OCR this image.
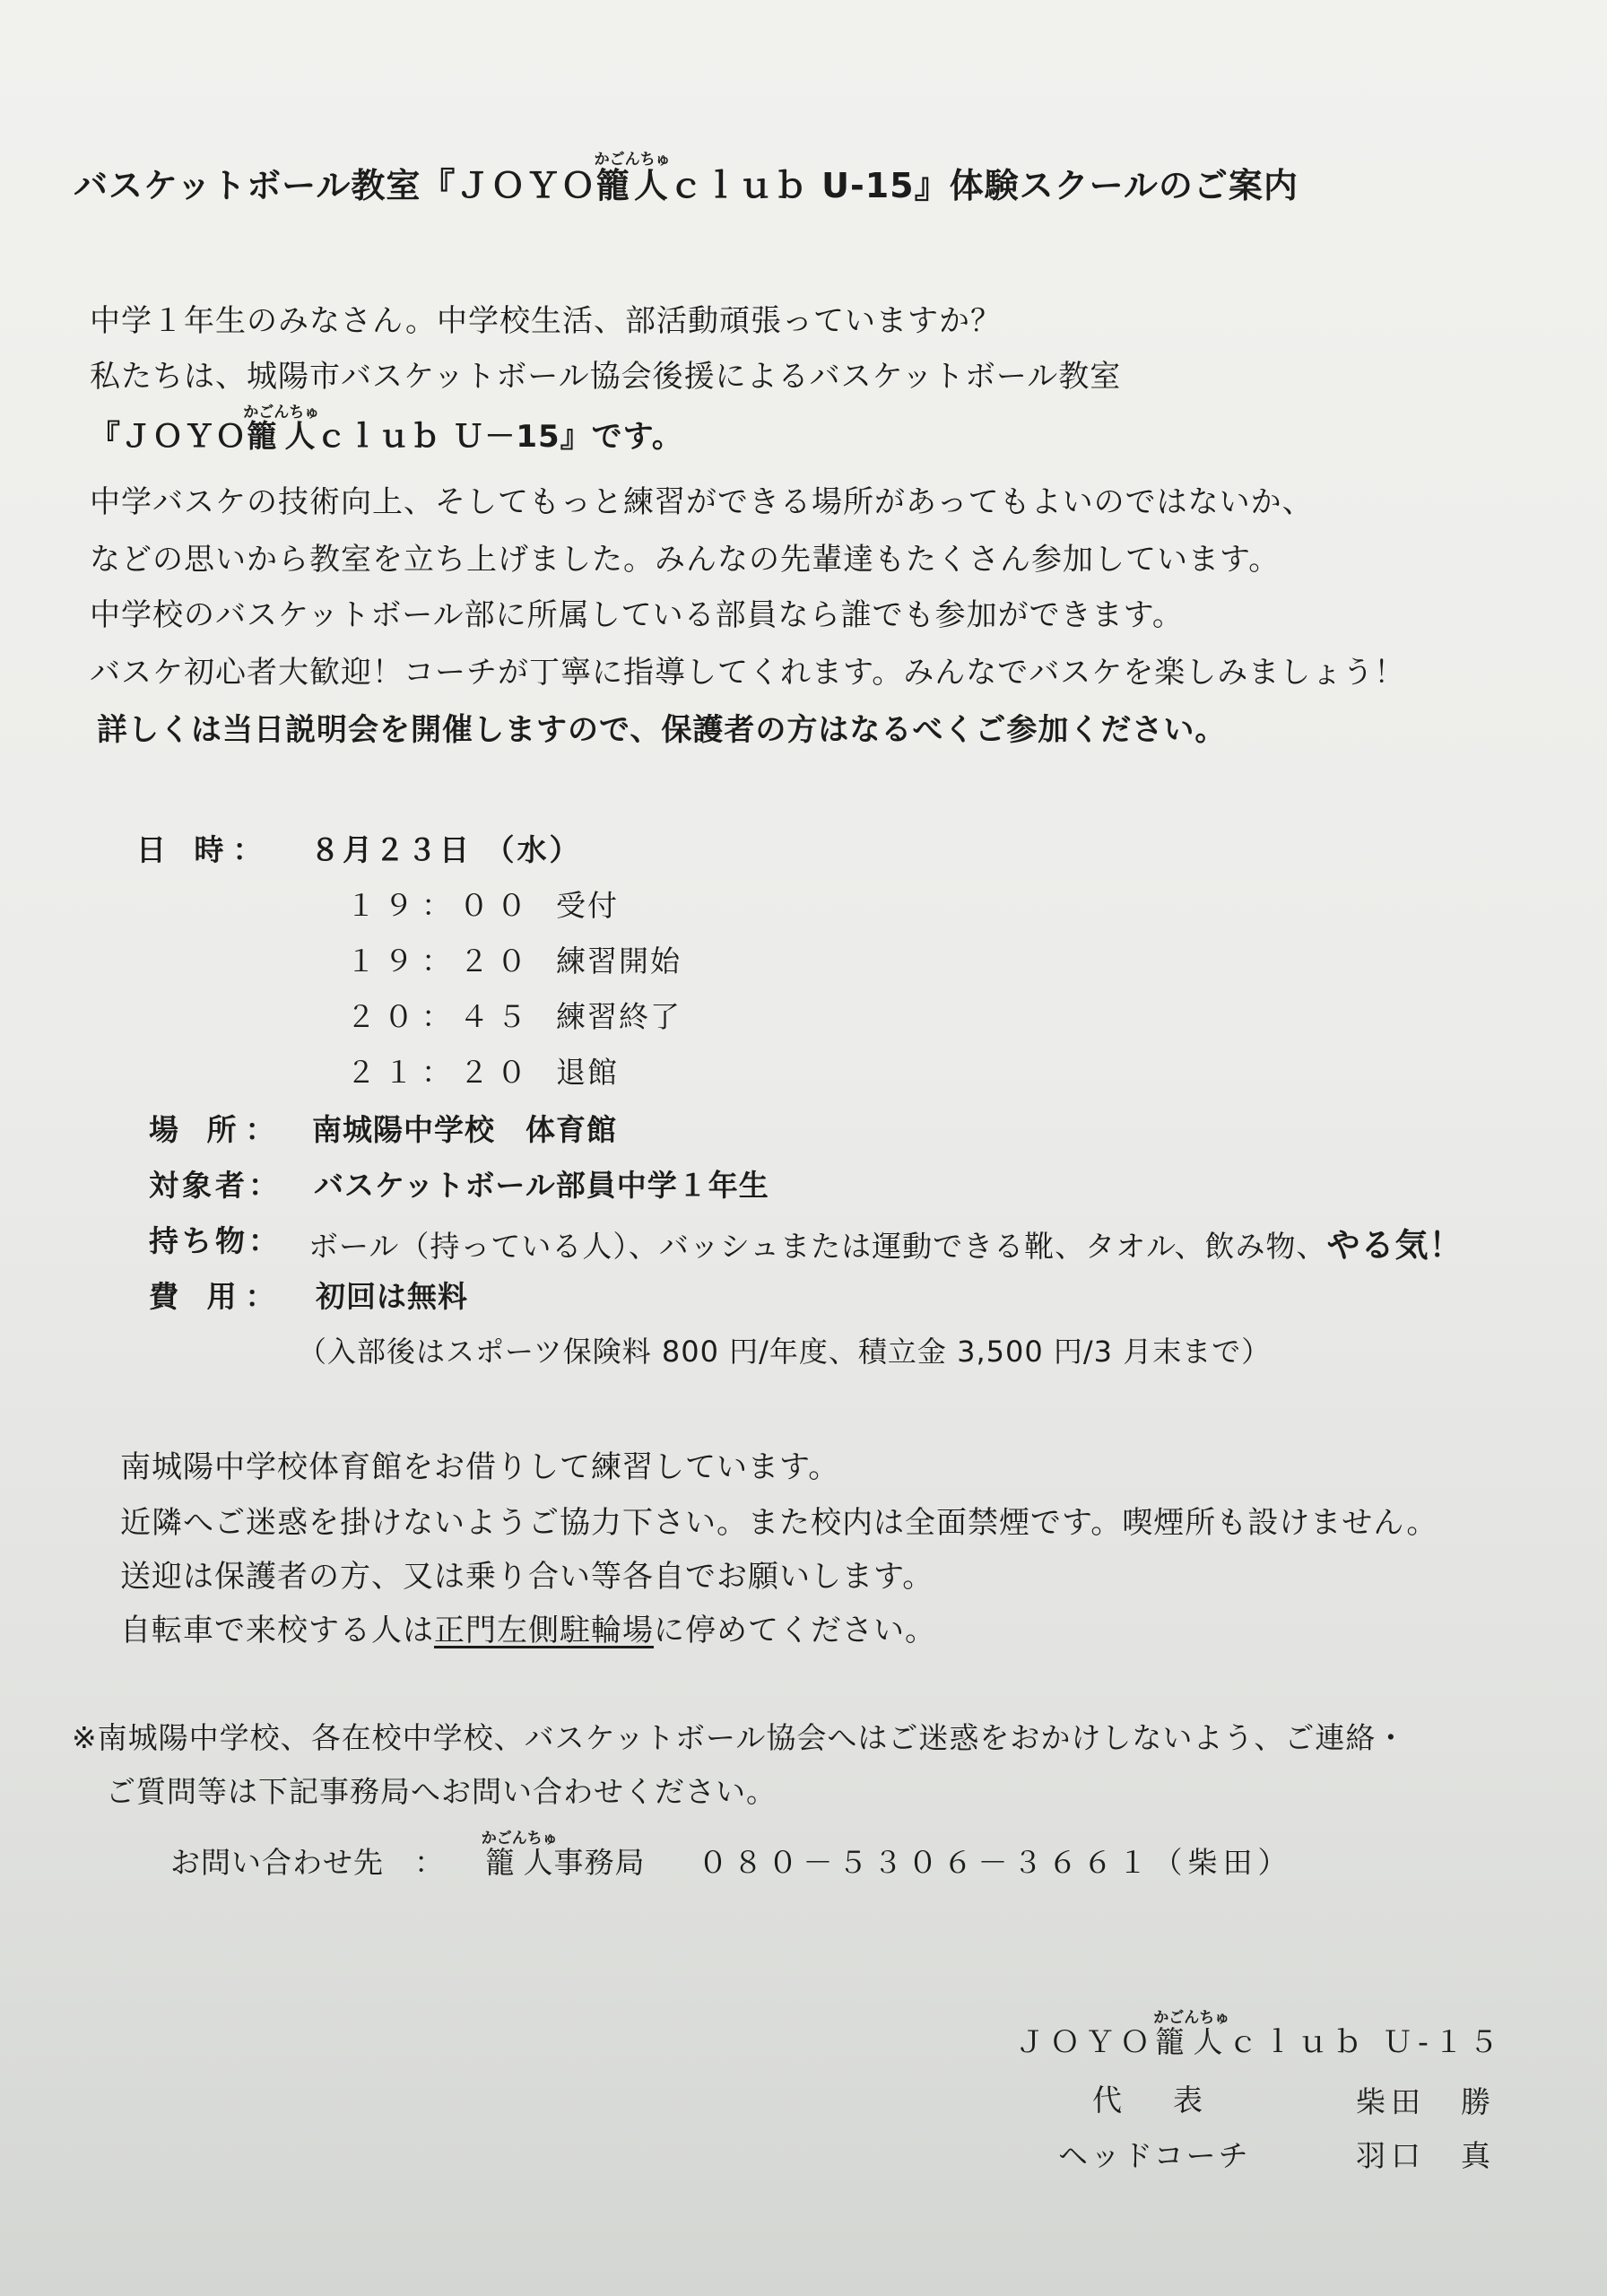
バスケットボール教室『ＪＯＹＯ籠人かごんちゅｃｌｕｂ U-15』体験スクールのご案内
中学１年生のみなさん。中学校生活、部活動頑張っていますか？
私たちは、城陽市バスケットボール協会後援によるバスケットボール教室
『ＪＯＹＯ籠人かごんちゅｃｌｕｂ Ｕ－15』です。
中学バスケの技術向上、そしてもっと練習ができる場所があってもよいのではないか、
などの思いから教室を立ち上げました。みんなの先輩達もたくさん参加しています。
中学校のバスケットボール部に所属している部員なら誰でも参加ができます。
バスケ初心者大歓迎！コーチが丁寧に指導してくれます。みんなでバスケを楽しみましょう！
詳しくは当日説明会を開催しますので、保護者の方はなるべくご参加ください。
日 時： ８月２３日 （水）
１９：００ 受付
１９：２０ 練習開始
２０：４５ 練習終了
２１：２０ 退館
場 所： 南城陽中学校　体育館
対象者： バスケットボール部員中学１年生
持ち物： ボール（持っている人）、バッシュまたは運動できる靴、タオル、飲み物、やる気！
費 用： 初回は無料
（入部後はスポーツ保険料 800 円/年度、積立金 3,500 円/3 月末まで）
南城陽中学校体育館をお借りして練習しています。
近隣へご迷惑を掛けないようご協力下さい。また校内は全面禁煙です。喫煙所も設けません。
送迎は保護者の方、又は乗り合い等各自でお願いします。
自転車で来校する人は正門左側駐輪場に停めてください。
※南城陽中学校、各在校中学校、バスケットボール協会へはご迷惑をおかけしないよう、ご連絡・
ご質問等は下記事務局へお問い合わせください。
お問い合わせ先　： 籠人かごんちゅ事務局 ０８０－５３０６－３６６１（柴田）
ＪＯＹＯ籠人かごんちゅｃｌｕｂ Ｕ-１５
代　表	柴田　勝
ヘッドコーチ	羽口　真
